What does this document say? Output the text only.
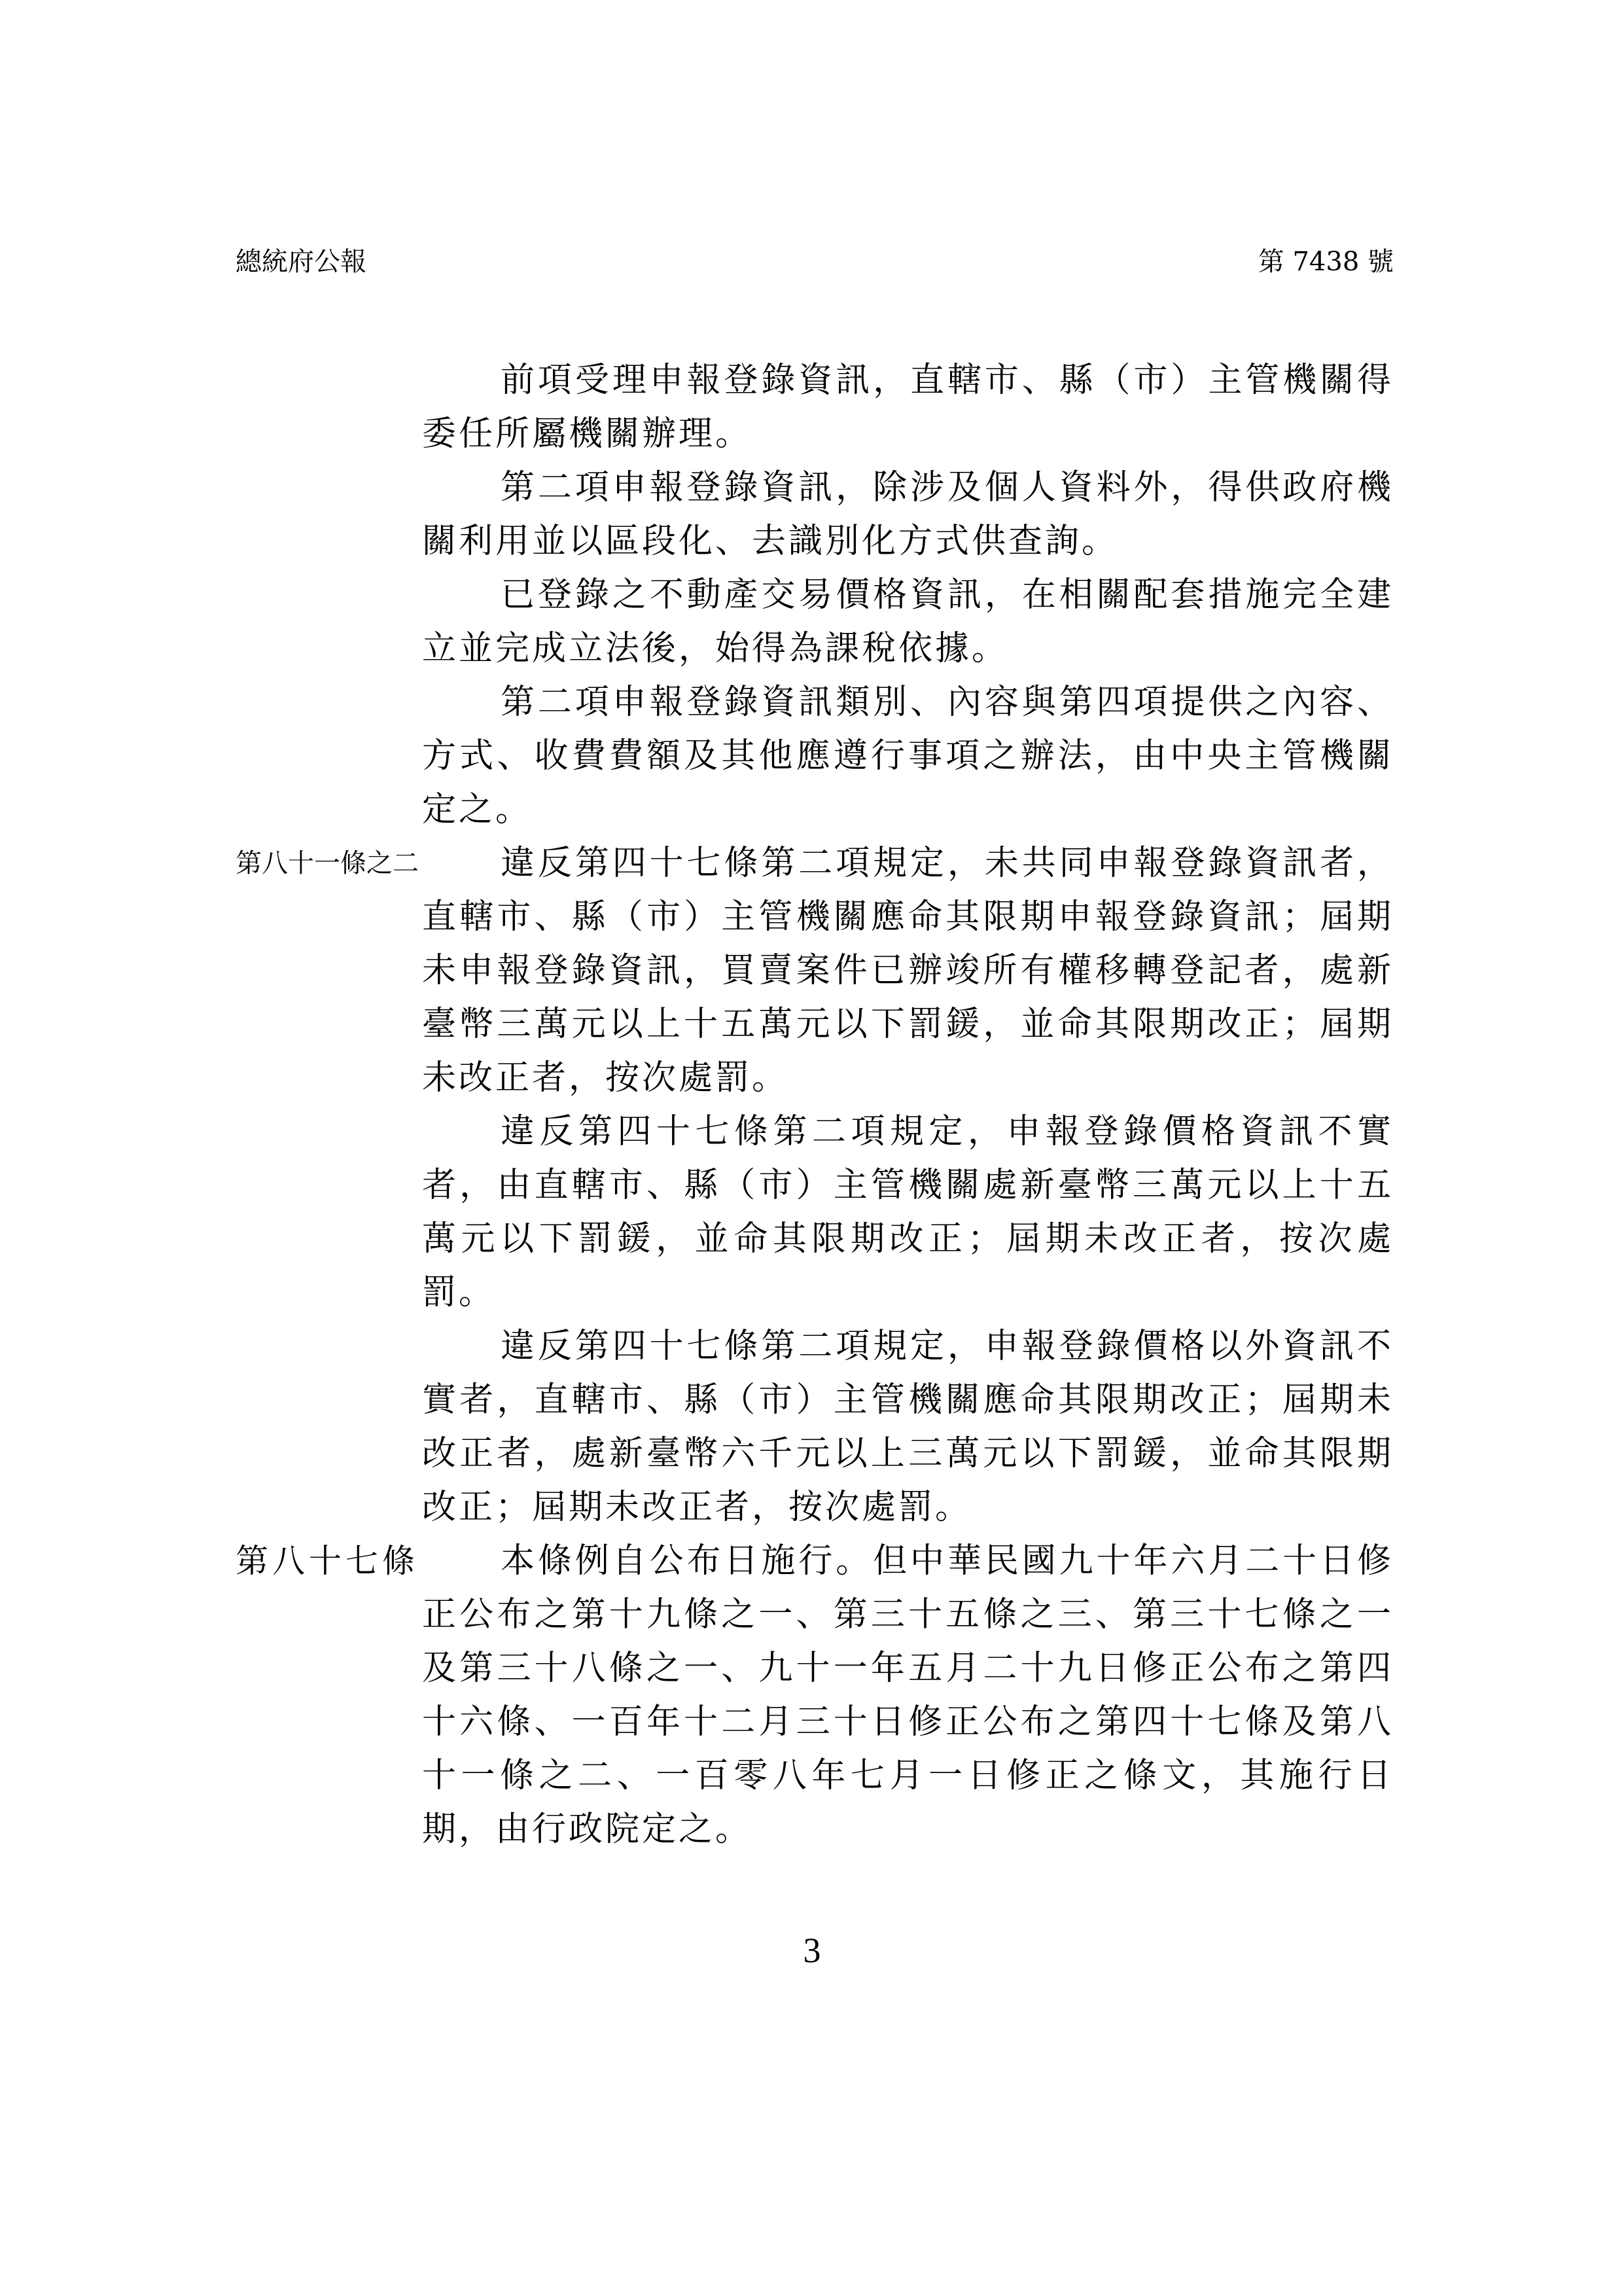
總統府公報	第 7438 號

前項受理申報登錄資訊，直轄市、縣（市）主管機關得委任所屬機關辦理。

第二項申報登錄資訊，除涉及個人資料外，得供政府機關利用並以區段化、去識別化方式供查詢。

已登錄之不動產交易價格資訊，在相關配套措施完全建立並完成立法後，始得為課稅依據。

第二項申報登錄資訊類別、內容與第四項提供之內容、方式、收費費額及其他應遵行事項之辦法，由中央主管機關定之。

第八十一條之二	違反第四十七條第二項規定，未共同申報登錄資訊者，直轄市、縣（市）主管機關應命其限期申報登錄資訊；屆期未申報登錄資訊，買賣案件已辦竣所有權移轉登記者，處新臺幣三萬元以上十五萬元以下罰鍰，並命其限期改正；屆期未改正者，按次處罰。

違反第四十七條第二項規定，申報登錄價格資訊不實者，由直轄市、縣（市）主管機關處新臺幣三萬元以上十五萬元以下罰鍰，並命其限期改正；屆期未改正者，按次處罰。

違反第四十七條第二項規定，申報登錄價格以外資訊不實者，直轄市、縣（市）主管機關應命其限期改正；屆期未改正者，處新臺幣六千元以上三萬元以下罰鍰，並命其限期改正；屆期未改正者，按次處罰。

第八十七條	本條例自公布日施行。但中華民國九十年六月二十日修正公布之第十九條之一、第三十五條之三、第三十七條之一及第三十八條之一、九十一年五月二十九日修正公布之第四十六條、一百年十二月三十日修正公布之第四十七條及第八十一條之二、一百零八年七月一日修正之條文，其施行日期，由行政院定之。

3
